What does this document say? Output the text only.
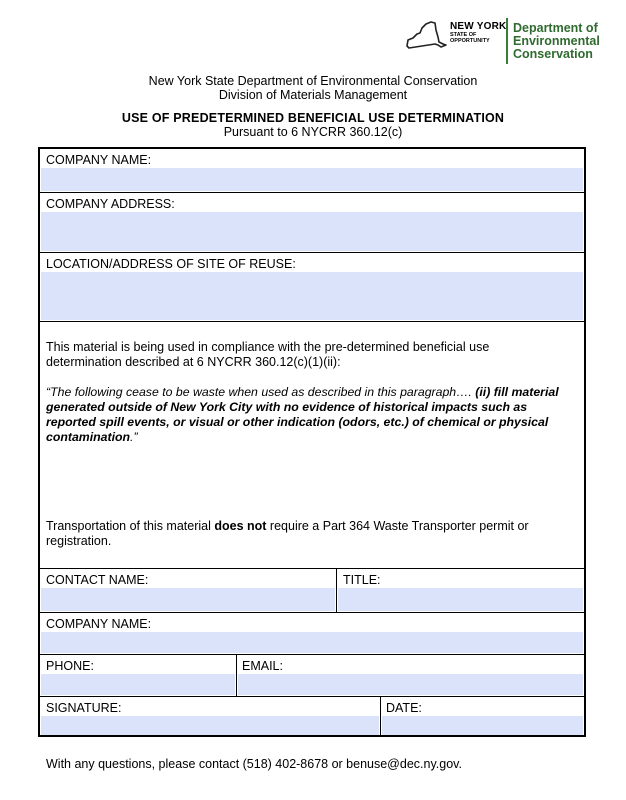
NEW YORK
STATE OF
OPPORTUNITY
Department of
Environmental
Conservation
New York State Department of Environmental Conservation
Division of Materials Management
USE OF PREDETERMINED BENEFICIAL USE DETERMINATION
Pursuant to 6 NYCRR 360.12(c)
COMPANY NAME:
COMPANY ADDRESS:
LOCATION/ADDRESS OF SITE OF REUSE:
This material is being used in compliance with the pre-determined beneficial use
determination described at 6 NYCRR 360.12(c)(1)(ii):
“The following cease to be waste when used as described in this paragraph…. (ii) fill material
generated outside of New York City with no evidence of historical impacts such as
reported spill events, or visual or other indication (odors, etc.) of chemical or physical
contamination.”
Transportation of this material does not require a Part 364 Waste Transporter permit or
registration.
CONTACT NAME:	TITLE:
COMPANY NAME:
PHONE:	EMAIL:
SIGNATURE:	DATE:
With any questions, please contact (518) 402-8678 or benuse@dec.ny.gov.
